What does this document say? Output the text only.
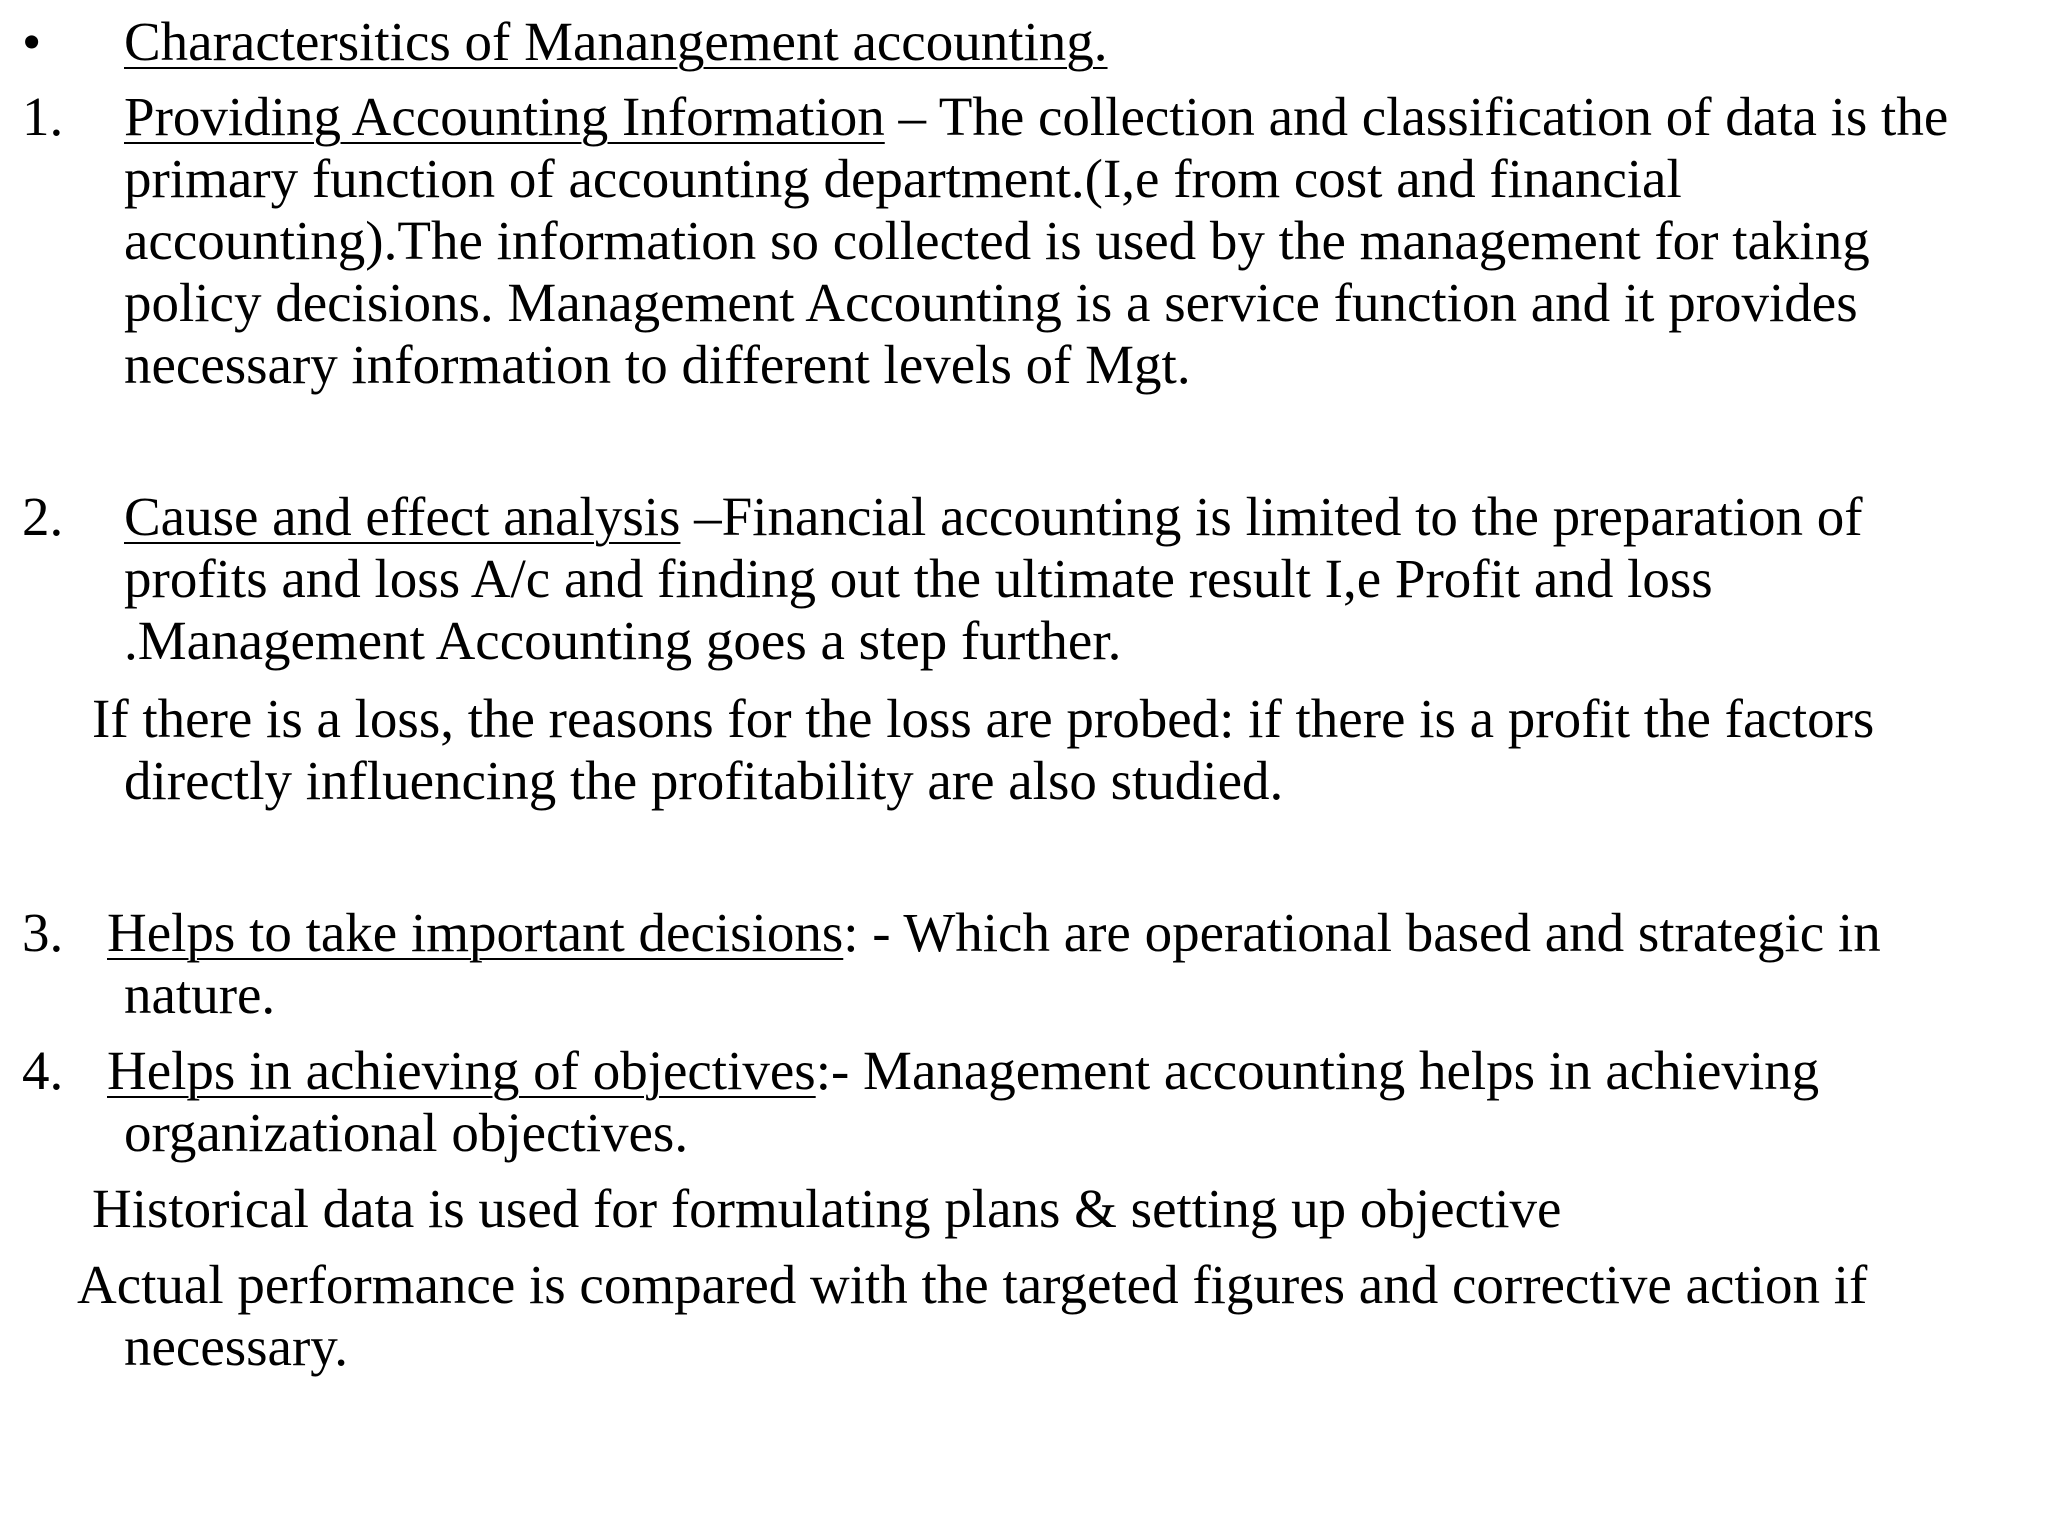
• Charactersitics of Manangement accounting.

1. Providing Accounting Information – The collection and classification of data is the

primary function of accounting department.(I,e from cost and financial

accounting).The information so collected is used by the management for taking

policy decisions. Management Accounting is a service function and it provides

necessary information to different levels of Mgt.

2. Cause and effect analysis –Financial accounting is limited to the preparation of

profits and loss A/c and finding out the ultimate result I,e Profit and loss

.Management Accounting goes a step further.

If there is a loss, the reasons for the loss are probed: if there is a profit the factors

directly influencing the profitability are also studied.

3. Helps to take important decisions: - Which are operational based and strategic in

nature.

4. Helps in achieving of objectives:- Management accounting helps in achieving

organizational objectives.

Historical data is used for formulating plans & setting up objective

Actual performance is compared with the targeted figures and corrective action if

necessary.
